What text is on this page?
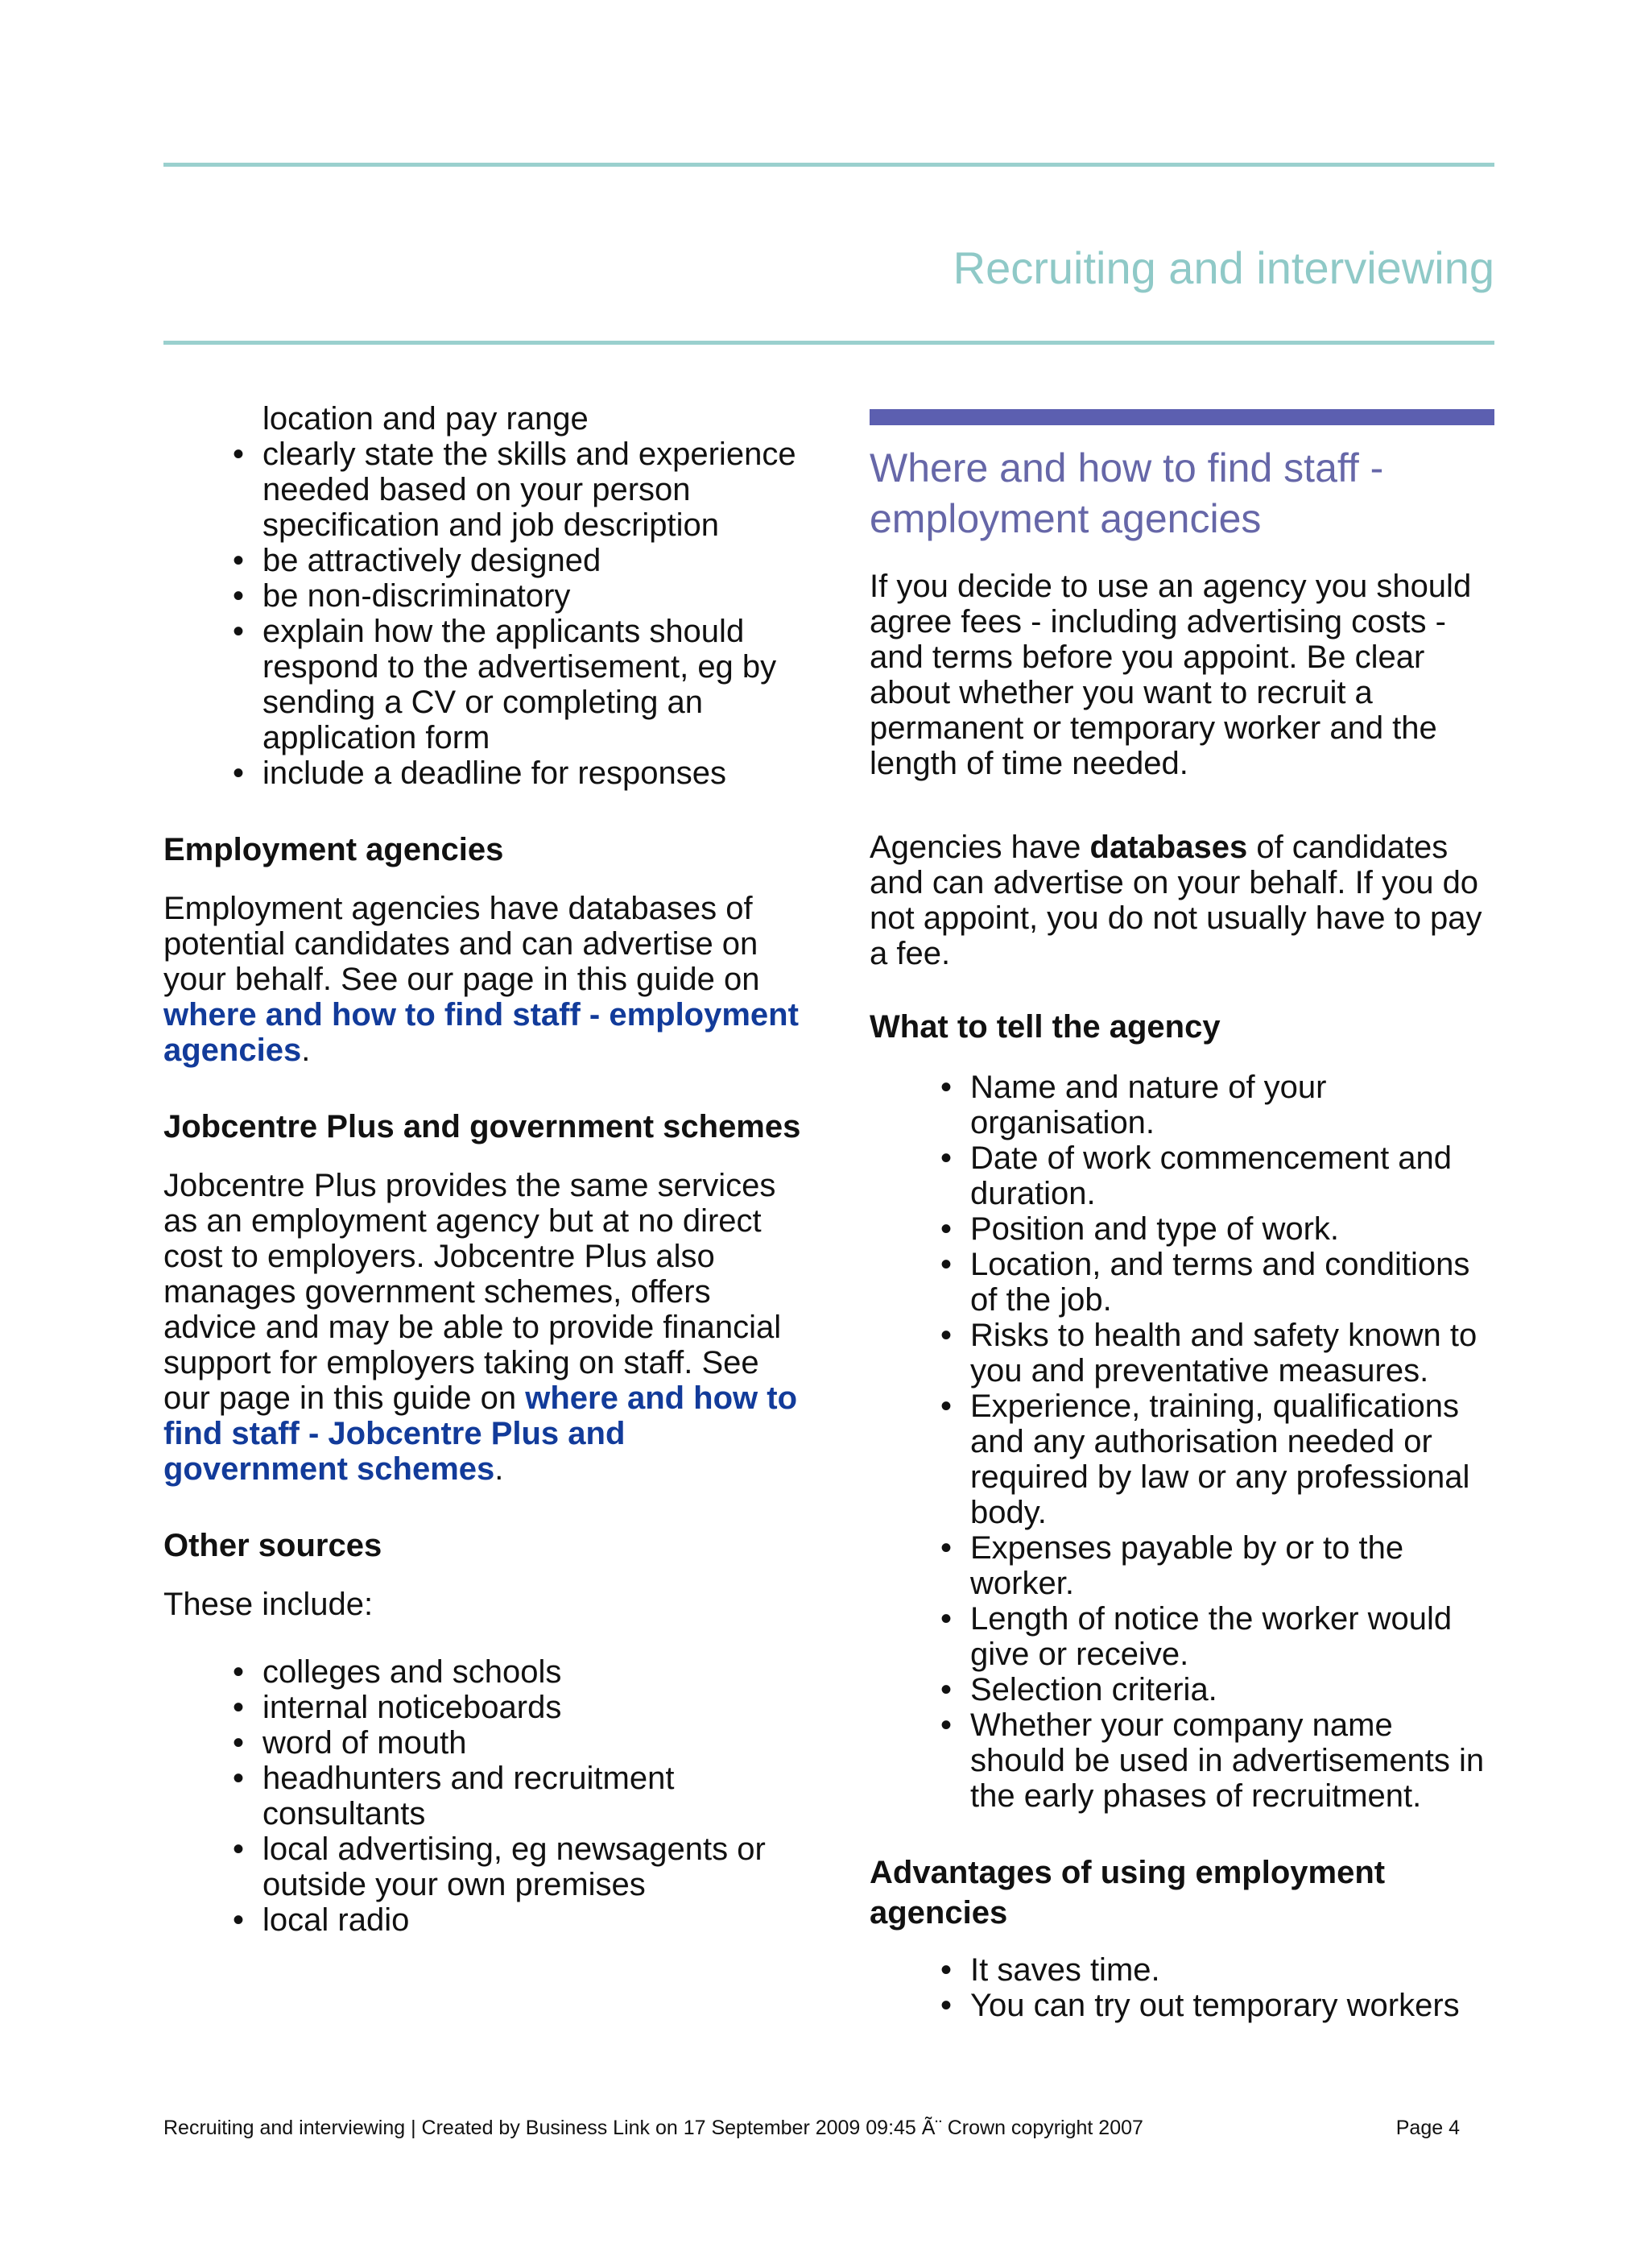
Recruiting and interviewing
location and pay range
• clearly state the skills and experience needed based on your person specification and job description
• be attractively designed
• be non-discriminatory
• explain how the applicants should respond to the advertisement, eg by sending a CV or completing an application form
• include a deadline for responses
Employment agencies

Employment agencies have databases of potential candidates and can advertise on your behalf. See our page in this guide on where and how to find staff - employment agencies.

Jobcentre Plus and government schemes

Jobcentre Plus provides the same services as an employment agency but at no direct cost to employers. Jobcentre Plus also manages government schemes, offers advice and may be able to provide financial support for employers taking on staff. See our page in this guide on where and how to find staff - Jobcentre Plus and government schemes.

Other sources

These include:

• colleges and schools
• internal noticeboards
• word of mouth
• headhunters and recruitment consultants
• local advertising, eg newsagents or outside your own premises
• local radio
Where and how to find staff - employment agencies

If you decide to use an agency you should agree fees - including advertising costs - and terms before you appoint. Be clear about whether you want to recruit a permanent or temporary worker and the length of time needed.

Agencies have databases of candidates and can advertise on your behalf. If you do not appoint, you do not usually have to pay a fee.

What to tell the agency
• Name and nature of your organisation.
• Date of work commencement and duration.
• Position and type of work.
• Location, and terms and conditions of the job.
• Risks to health and safety known to you and preventative measures.
• Experience, training, qualifications and any authorisation needed or required by law or any professional body.
• Expenses payable by or to the worker.
• Length of notice the worker would give or receive.
• Selection criteria.
• Whether your company name should be used in advertisements in the early phases of recruitment.
Advantages of using employment agencies
• It saves time.
• You can try out temporary workers
Recruiting and interviewing | Created by Business Link on 17 September 2009 09:45 Ã¨ Crown copyright 2007	Page 4
